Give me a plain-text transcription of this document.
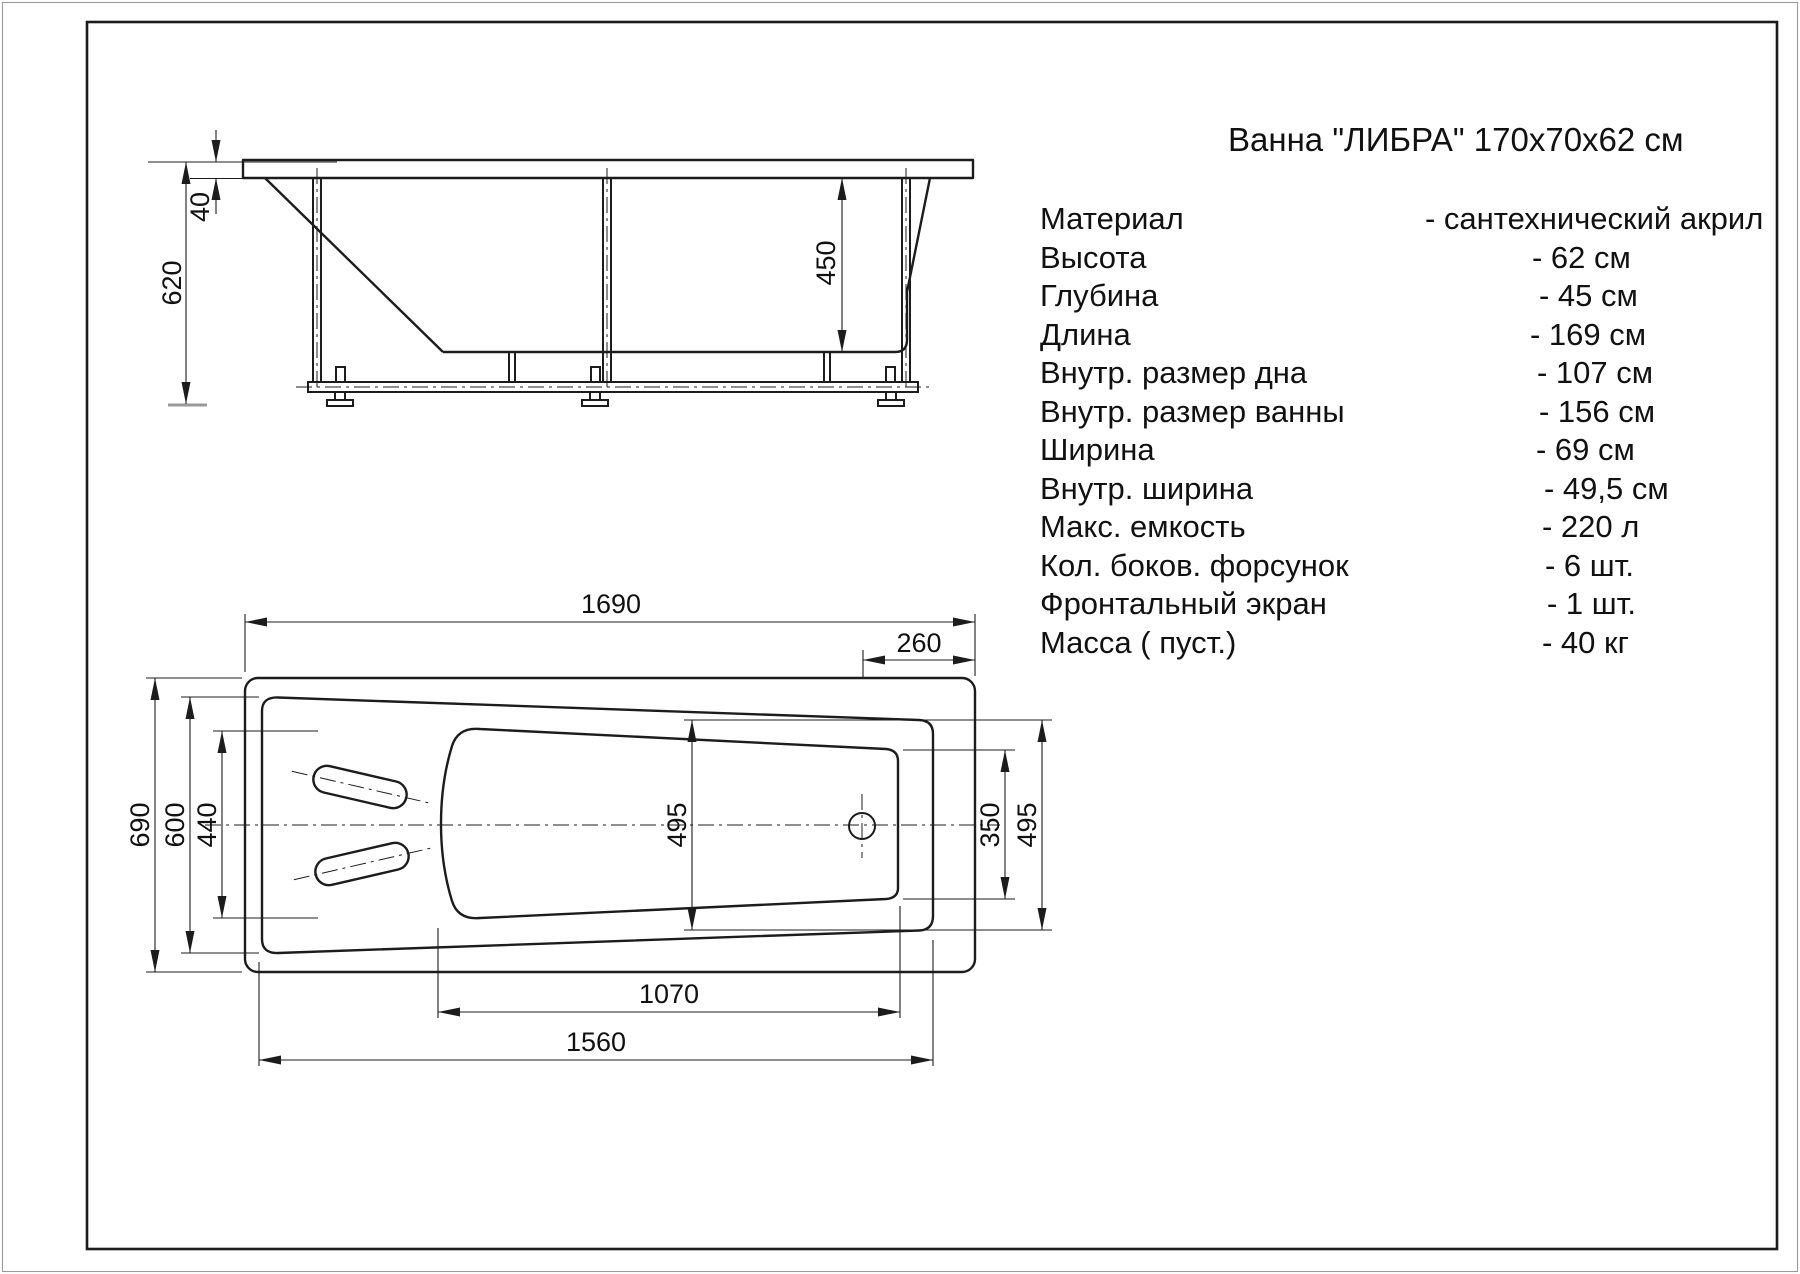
620
40
450
1690
260
690 600 440	495	350 495
1070
1560
Ванна "ЛИБРА" 170х70х62 см
Материал	- сантехнический акрил
Высота	- 62 см
Глубина	- 45 см
Длина	- 169 см
Внутр. размер дна	- 107 см
Внутр. размер ванны	- 156 см
Ширина	- 69 см
Внутр. ширина	- 49,5 см
Макс. емкость	- 220 л
Кол. боков. форсунок	- 6 шт.
Фронтальный экран	- 1 шт.
Масса ( пуст.)	- 40 кг
